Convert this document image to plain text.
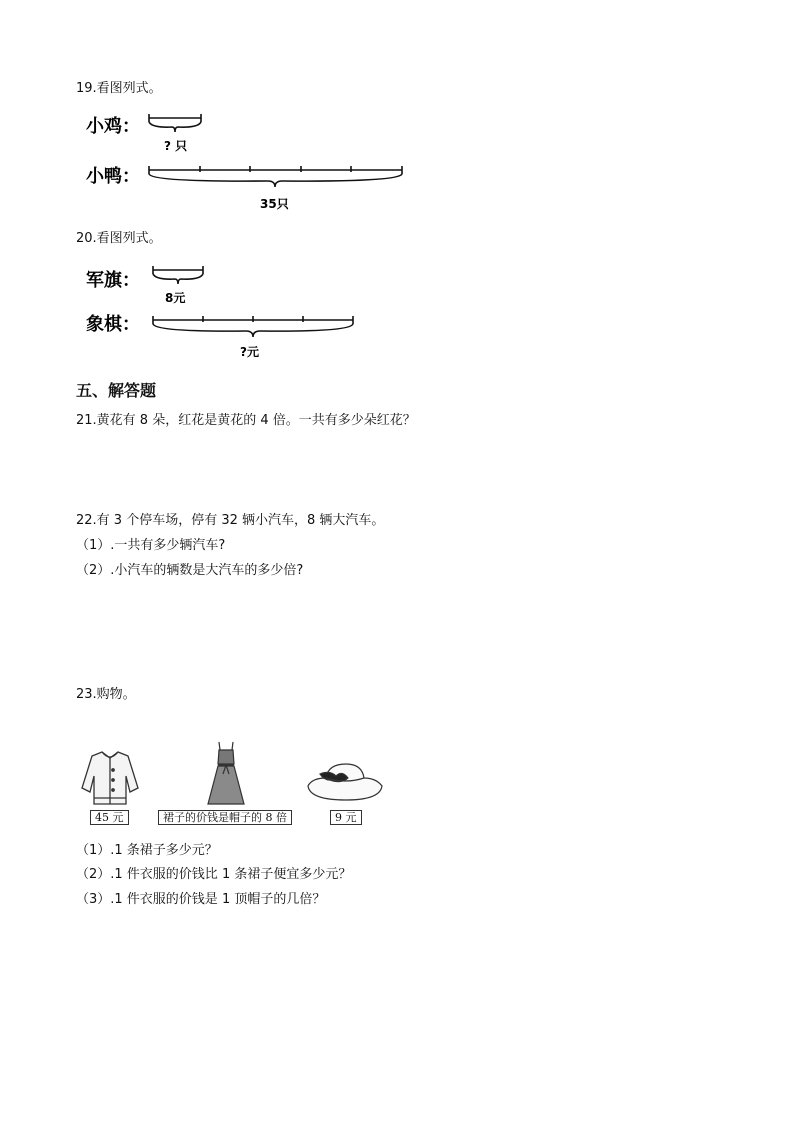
19.看图列式。
小鸡：
? 只
小鸭：
35只
20.看图列式。
军旗：
8元
象棋：
?元
五、解答题
21.黄花有 8 朵，红花是黄花的 4 倍。一共有多少朵红花？
22.有 3 个停车场，停有 32 辆小汽车，8 辆大汽车。
（1）.一共有多少辆汽车?
（2）.小汽车的辆数是大汽车的多少倍?
23.购物。
45 元	裙子的价钱是帽子的 8 倍	9 元
（1）.1 条裙子多少元？
（2）.1 件衣服的价钱比 1 条裙子便宜多少元？
（3）.1 件衣服的价钱是 1 顶帽子的几倍？
